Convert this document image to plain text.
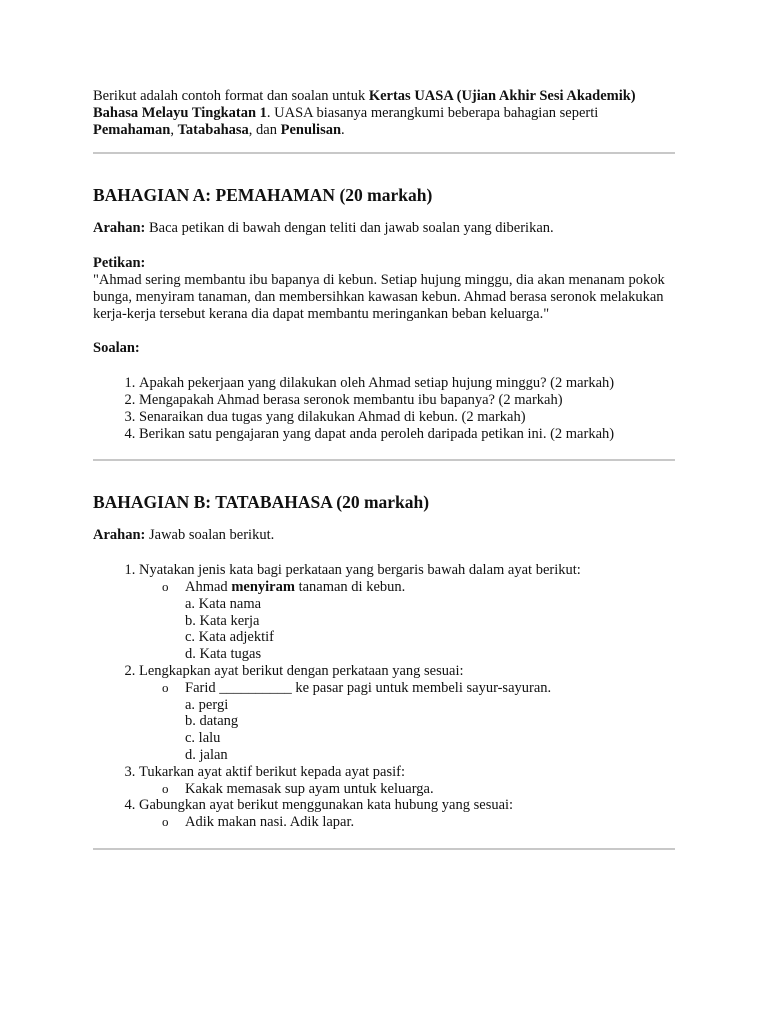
Berikut adalah contoh format dan soalan untuk Kertas UASA (Ujian Akhir Sesi Akademik) Bahasa Melayu Tingkatan 1. UASA biasanya merangkumi beberapa bahagian seperti Pemahaman, Tatabahasa, dan Penulisan.

BAHAGIAN A: PEMAHAMAN (20 markah)

Arahan: Baca petikan di bawah dengan teliti dan jawab soalan yang diberikan.

Petikan:

"Ahmad sering membantu ibu bapanya di kebun. Setiap hujung minggu, dia akan menanam pokok bunga, menyiram tanaman, dan membersihkan kawasan kebun. Ahmad berasa seronok melakukan kerja-kerja tersebut kerana dia dapat membantu meringankan beban keluarga."

Soalan:

1. Apakah pekerjaan yang dilakukan oleh Ahmad setiap hujung minggu? (2 markah)
2. Mengapakah Ahmad berasa seronok membantu ibu bapanya? (2 markah)
3. Senaraikan dua tugas yang dilakukan Ahmad di kebun. (2 markah)
4. Berikan satu pengajaran yang dapat anda peroleh daripada petikan ini. (2 markah)
BAHAGIAN B: TATABAHASA (20 markah)

Arahan: Jawab soalan berikut.

1. Nyatakan jenis kata bagi perkataan yang bergaris bawah dalam ayat berikut:
o Ahmad menyiram tanaman di kebun.
a. Kata nama
b. Kata kerja
c. Kata adjektif
d. Kata tugas
2. Lengkapkan ayat berikut dengan perkataan yang sesuai:
o Farid __________ ke pasar pagi untuk membeli sayur-sayuran.
a. pergi
b. datang
c. lalu
d. jalan
3. Tukarkan ayat aktif berikut kepada ayat pasif:
o Kakak memasak sup ayam untuk keluarga.
4. Gabungkan ayat berikut menggunakan kata hubung yang sesuai:
o Adik makan nasi. Adik lapar.
